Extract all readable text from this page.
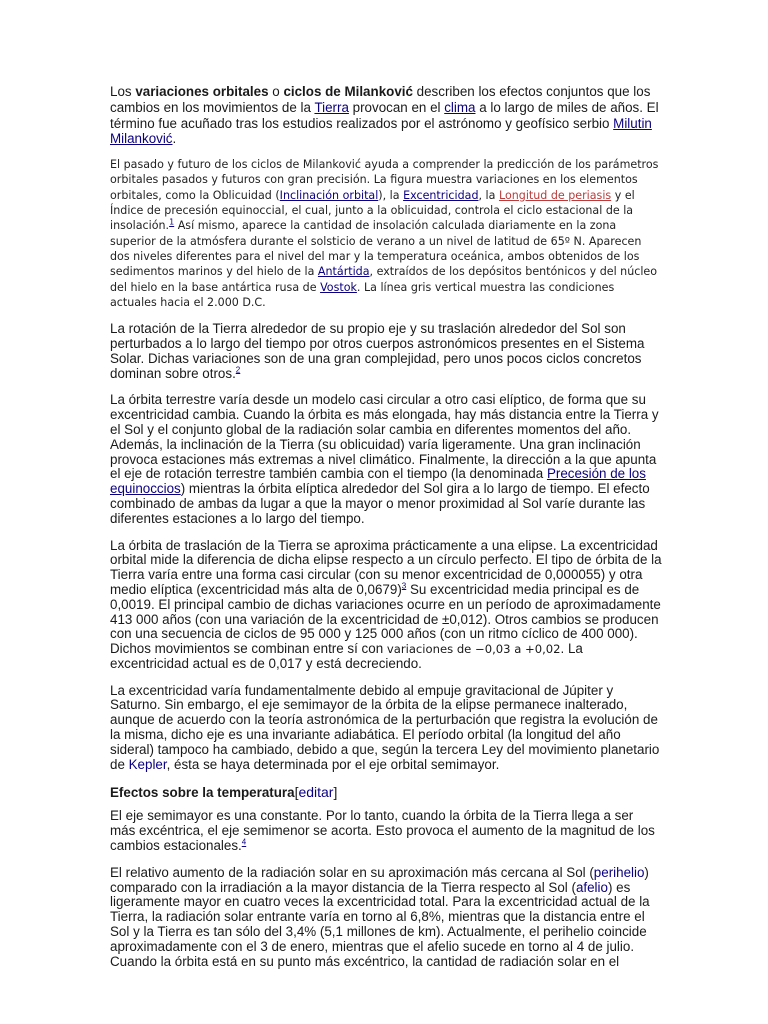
Los variaciones orbitales o ciclos de Milanković describen los efectos conjuntos que los cambios en los movimientos de la Tierra provocan en el clima a lo largo de miles de años. El término fue acuñado tras los estudios realizados por el astrónomo y geofísico serbio Milutin Milanković.

El pasado y futuro de los ciclos de Milanković ayuda a comprender la predicción de los parámetros orbitales pasados y futuros con gran precisión. La figura muestra variaciones en los elementos orbitales, como la Oblicuidad (Inclinación orbital), la Excentricidad, la Longitud de periasis y el Índice de precesión equinoccial, el cual, junto a la oblicuidad, controla el ciclo estacional de la insolación.$^1$ Así mismo, aparece la cantidad de insolación calculada diariamente en la zona superior de la atmósfera durante el solsticio de verano a un nivel de latitud de 65º N. Aparecen dos niveles diferentes para el nivel del mar y la temperatura oceánica, ambos obtenidos de los sedimentos marinos y del hielo de la Antártida, extraídos de los depósitos bentónicos y del núcleo del hielo en la base antártica rusa de Vostok. La línea gris vertical muestra las condiciones actuales hacia el 2.000 D.C.

La rotación de la Tierra alrededor de su propio eje y su traslación alrededor del Sol son perturbados a lo largo del tiempo por otros cuerpos astronómicos presentes en el Sistema Solar. Dichas variaciones son de una gran complejidad, pero unos pocos ciclos concretos dominan sobre otros.$^2$

La órbita terrestre varía desde un modelo casi circular a otro casi elíptico, de forma que su excentricidad cambia. Cuando la órbita es más elongada, hay más distancia entre la Tierra y el Sol y el conjunto global de la radiación solar cambia en diferentes momentos del año. Además, la inclinación de la Tierra (su oblicuidad) varía ligeramente. Una gran inclinación provoca estaciones más extremas a nivel climático. Finalmente, la dirección a la que apunta el eje de rotación terrestre también cambia con el tiempo (la denominada Precesión de los equinoccios) mientras la órbita elíptica alrededor del Sol gira a lo largo de tiempo. El efecto combinado de ambas da lugar a que la mayor o menor proximidad al Sol varíe durante las diferentes estaciones a lo largo del tiempo.

La órbita de traslación de la Tierra se aproxima prácticamente a una elipse. La excentricidad orbital mide la diferencia de dicha elipse respecto a un círculo perfecto. El tipo de órbita de la Tierra varía entre una forma casi circular (con su menor excentricidad de 0,000055) y otra medio elíptica (excentricidad más alta de 0,0679)$^3$ Su excentricidad media principal es de 0,0019. El principal cambio de dichas variaciones ocurre en un período de aproximadamente 413 000 años (con una variación de la excentricidad de ±0,012). Otros cambios se producen con una secuencia de ciclos de 95 000 y 125 000 años (con un ritmo cíclico de 400 000). Dichos movimientos se combinan entre sí con variaciones de −0,03 a +0,02. La excentricidad actual es de 0,017 y está decreciendo.

La excentricidad varía fundamentalmente debido al empuje gravitacional de Júpiter y Saturno. Sin embargo, el eje semimayor de la órbita de la elipse permanece inalterado, aunque de acuerdo con la teoría astronómica de la perturbación que registra la evolución de la misma, dicho eje es una invariante adiabática. El período orbital (la longitud del año sideral) tampoco ha cambiado, debido a que, según la tercera Ley del movimiento planetario de Kepler, ésta se haya determinada por el eje orbital semimayor.

Efectos sobre la temperatura[editar]

El eje semimayor es una constante. Por lo tanto, cuando la órbita de la Tierra llega a ser más excéntrica, el eje semimenor se acorta. Esto provoca el aumento de la magnitud de los cambios estacionales.$^4$

El relativo aumento de la radiación solar en su aproximación más cercana al Sol (perihelio) comparado con la irradiación a la mayor distancia de la Tierra respecto al Sol (afelio) es ligeramente mayor en cuatro veces la excentricidad total. Para la excentricidad actual de la Tierra, la radiación solar entrante varía en torno al 6,8%, mientras que la distancia entre el Sol y la Tierra es tan sólo del 3,4% (5,1 millones de km). Actualmente, el perihelio coincide aproximadamente con el 3 de enero, mientras que el afelio sucede en torno al 4 de julio. Cuando la órbita está en su punto más excéntrico, la cantidad de radiación solar en el
